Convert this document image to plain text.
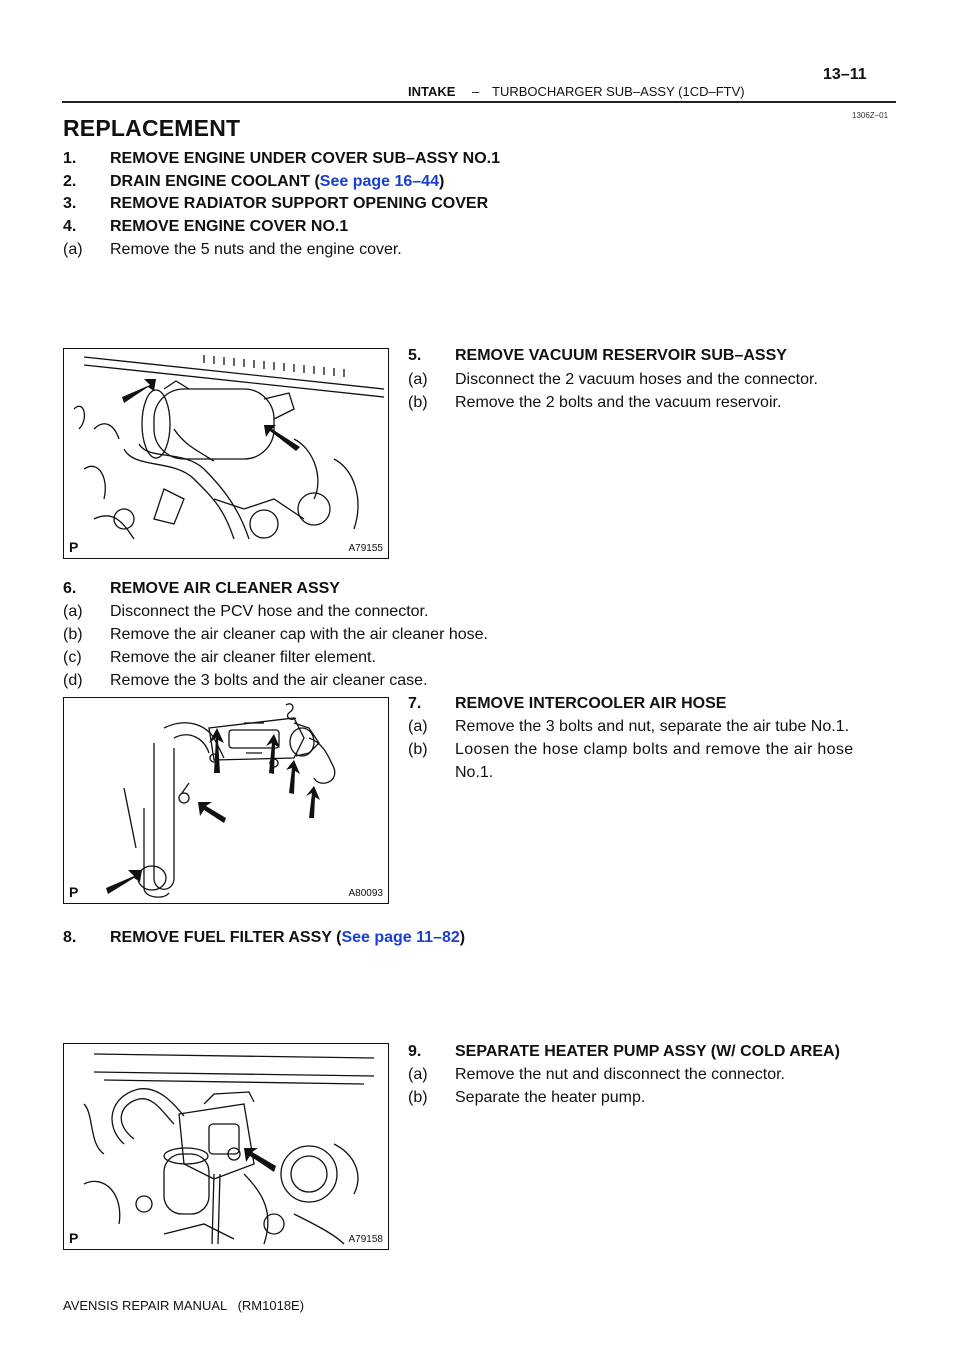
INTAKE – TURBOCHARGER SUB–ASSY (1CD–FTV)
13–11
1306Z–01
REPLACEMENT
1. REMOVE ENGINE UNDER COVER SUB–ASSY NO.1
2. DRAIN ENGINE COOLANT (See page 16–44)
3. REMOVE RADIATOR SUPPORT OPENING COVER
4. REMOVE ENGINE COVER NO.1
(a) Remove the 5 nuts and the engine cover.
P	A79155
5. REMOVE VACUUM RESERVOIR SUB–ASSY
(a) Disconnect the 2 vacuum hoses and the connector.
(b) Remove the 2 bolts and the vacuum reservoir.
6. REMOVE AIR CLEANER ASSY
(a) Disconnect the PCV hose and the connector.
(b) Remove the air cleaner cap with the air cleaner hose.
(c) Remove the air cleaner filter element.
(d) Remove the 3 bolts and the air cleaner case.
P	A80093
7. REMOVE INTERCOOLER AIR HOSE
(a) Remove the 3 bolts and nut, separate the air tube No.1.
(b) Loosen the hose clamp bolts and remove the air hose
No.1.
8. REMOVE FUEL FILTER ASSY (See page 11–82)
P	A79158
9. SEPARATE HEATER PUMP ASSY (W/ COLD AREA)
(a) Remove the nut and disconnect the connector.
(b) Separate the heater pump.
AVENSIS REPAIR MANUAL   (RM1018E)
